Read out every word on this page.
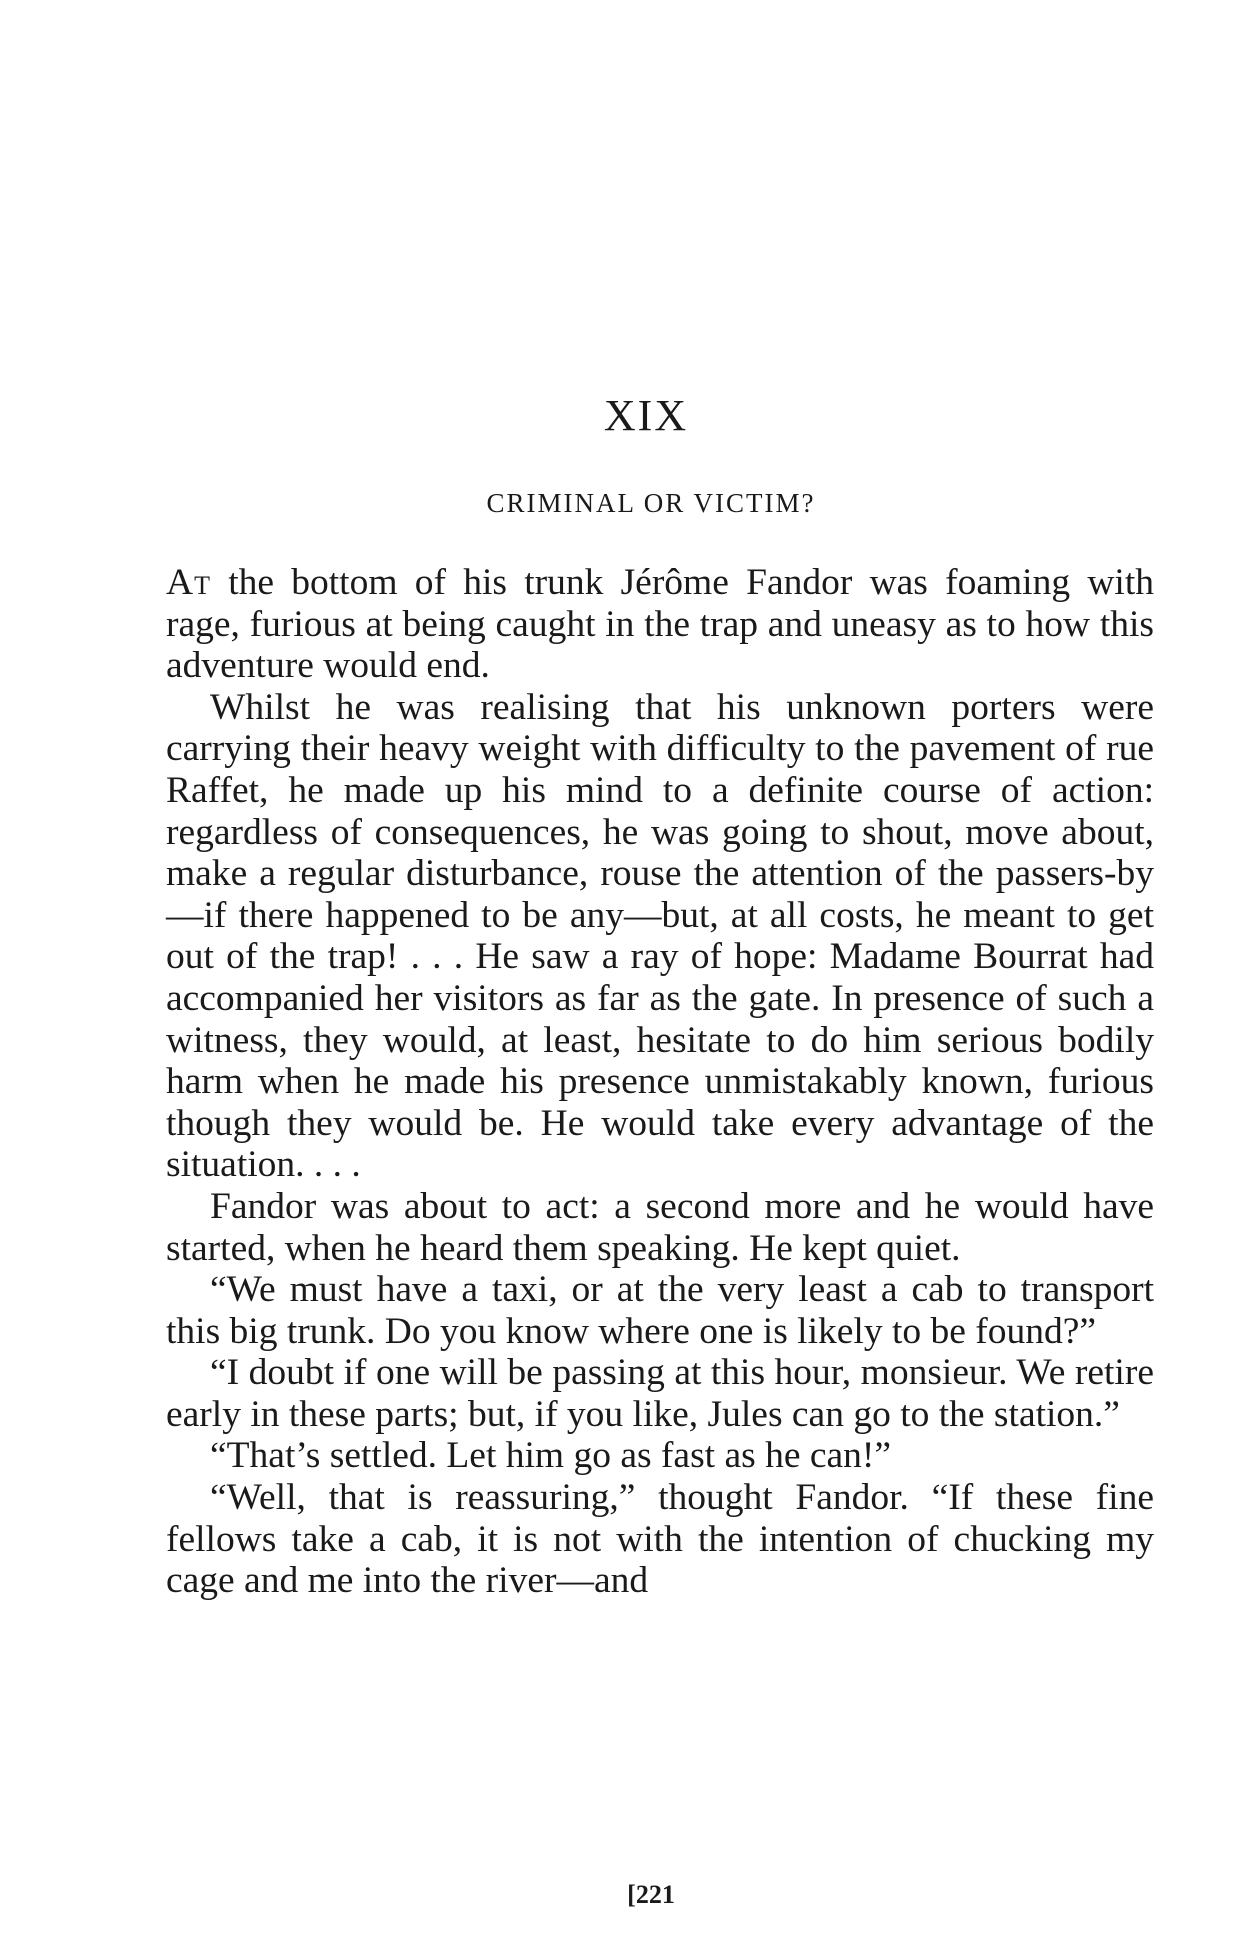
XIX
CRIMINAL OR VICTIM?

At the bottom of his trunk Jérôme Fandor was foaming with rage, furious at being caught in the trap and uneasy as to how this adventure would end.

Whilst he was realising that his unknown porters were carrying their heavy weight with difficulty to the pavement of rue Raffet, he made up his mind to a definite course of action: regardless of consequences, he was going to shout, move about, make a regular disturbance, rouse the attention of the passers-by—if there happened to be any—but, at all costs, he meant to get out of the trap! . . . He saw a ray of hope: Madame Bourrat had accompanied her visitors as far as the gate. In presence of such a witness, they would, at least, hesitate to do him serious bodily harm when he made his presence unmistakably known, furious though they would be. He would take every advantage of the situation. . . .

Fandor was about to act: a second more and he would have started, when he heard them speaking. He kept quiet.

“We must have a taxi, or at the very least a cab to transport this big trunk. Do you know where one is likely to be found?”

“I doubt if one will be passing at this hour, monsieur. We retire early in these parts; but, if you like, Jules can go to the station.”

“That’s settled. Let him go as fast as he can!”

“Well, that is reassuring,” thought Fandor. “If these fine fellows take a cab, it is not with the intention of chucking my cage and me into the river—and

[221
